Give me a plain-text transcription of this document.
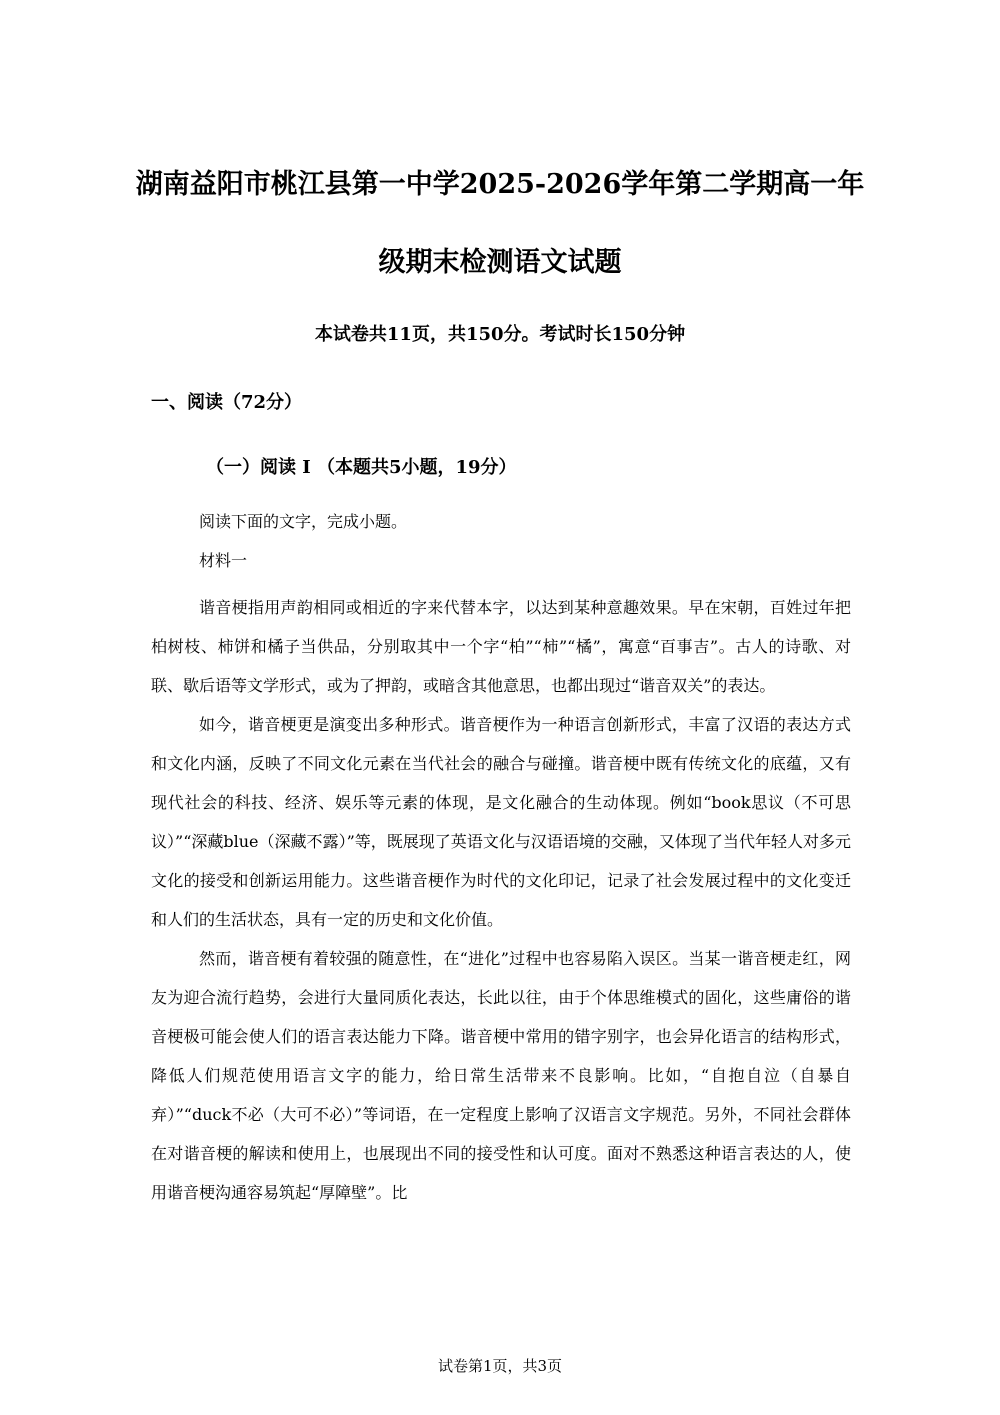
湖南益阳市桃江县第一中学2025-2026学年第二学期高一年
级期末检测语文试题
本试卷共11页，共150分。考试时长150分钟
一、阅读（72分）
（一）阅读 I （本题共5小题，19分）
阅读下面的文字，完成小题。
材料一

谐音梗指用声韵相同或相近的字来代替本字，以达到某种意趣效果。早在宋朝，百姓过年把柏树枝、柿饼和橘子当供品，分别取其中一个字“柏”“柿”“橘”，寓意“百事吉”。古人的诗歌、对联、歇后语等文学形式，或为了押韵，或暗含其他意思，也都出现过“谐音双关”的表达。

如今，谐音梗更是演变出多种形式。谐音梗作为一种语言创新形式，丰富了汉语的表达方式和文化内涵，反映了不同文化元素在当代社会的融合与碰撞。谐音梗中既有传统文化的底蕴，又有现代社会的科技、经济、娱乐等元素的体现，是文化融合的生动体现。例如“book思议（不可思议）”“深藏blue（深藏不露）”等，既展现了英语文化与汉语语境的交融，又体现了当代年轻人对多元文化的接受和创新运用能力。这些谐音梗作为时代的文化印记，记录了社会发展过程中的文化变迁和人们的生活状态，具有一定的历史和文化价值。

然而，谐音梗有着较强的随意性，在“进化”过程中也容易陷入误区。当某一谐音梗走红，网友为迎合流行趋势，会进行大量同质化表达，长此以往，由于个体思维模式的固化，这些庸俗的谐音梗极可能会使人们的语言表达能力下降。谐音梗中常用的错字别字，也会异化语言的结构形式，降低人们规范使用语言文字的能力，给日常生活带来不良影响。比如，“自抱自泣（自暴自弃）”“duck不必（大可不必）”等词语，在一定程度上影响了汉语言文字规范。另外，不同社会群体在对谐音梗的解读和使用上，也展现出不同的接受性和认可度。面对不熟悉这种语言表达的人，使用谐音梗沟通容易筑起“厚障壁”。比

试卷第1页，共3页
